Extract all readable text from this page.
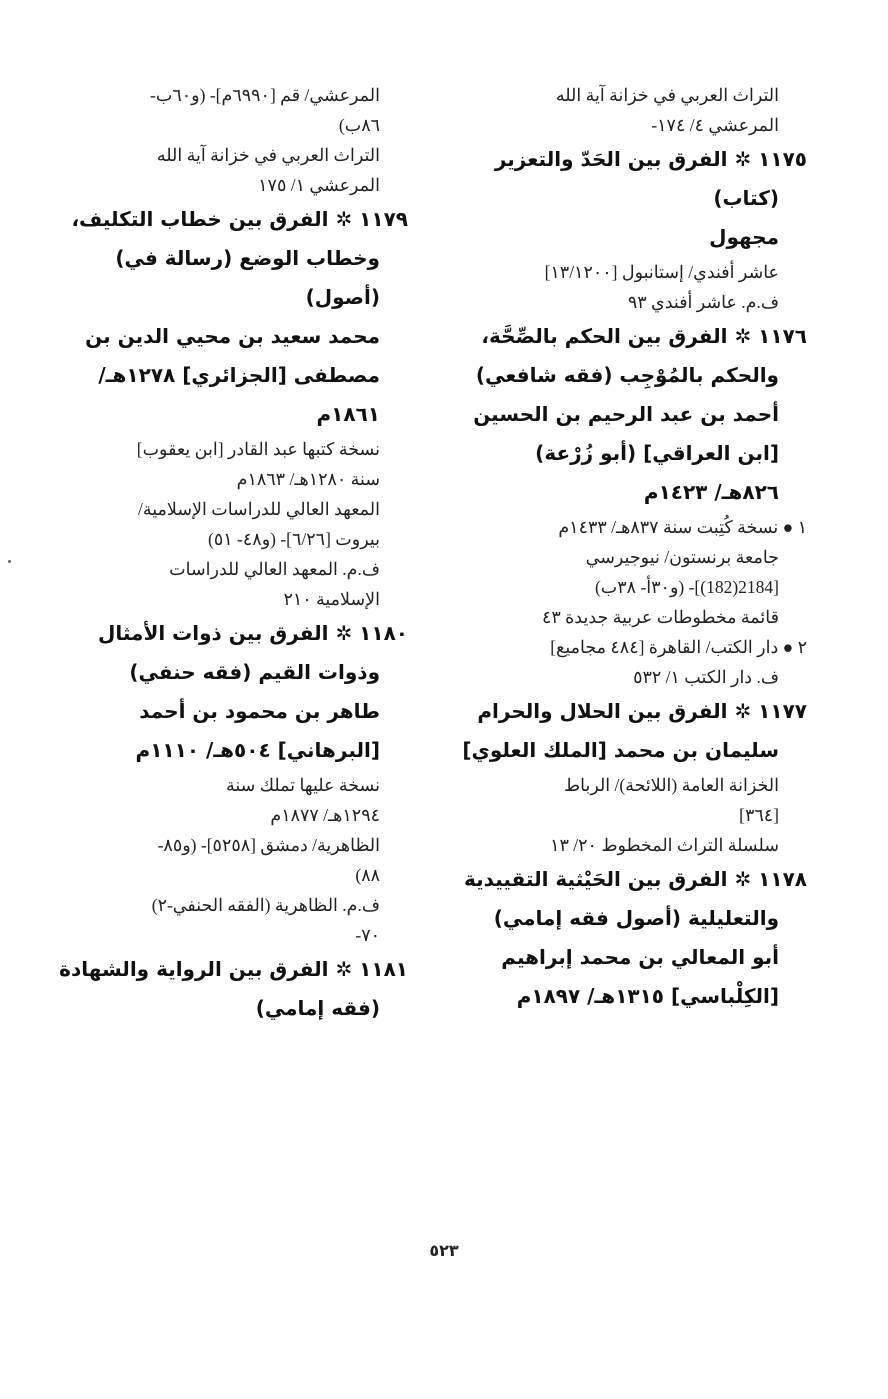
التراث العربي في خزانة آية الله
المرعشي ٤/ ١٧٤-
١١٧٥ ✲ الفرق بين الحَدّ والتعزير
(كتاب)
مجهول
عاشر أفندي/ إستانبول [١٣/١٢٠٠]
ف.م. عاشر أفندي ٩٣
١١٧٦ ✲ الفرق بين الحكم بالصِّحَّة،
والحكم بالمُوْجِب (فقه شافعي)
أحمد بن عبد الرحيم بن الحسين
[ابن العراقي] (أبو زُرْعة)
٨٢٦هـ/ ١٤٢٣م
١ ● نسخة كُتِبت سنة ٨٣٧هـ/ ١٤٣٣م
جامعة برنستون/ نيوجيرسي
[2184(182)]- (و٣٠أ- ٣٨ب)
قائمة مخطوطات عربية جديدة ٤٣
٢ ● دار الكتب/ القاهرة [٤٨٤ مجاميع]
ف. دار الكتب ١/ ٥٣٢
١١٧٧ ✲ الفرق بين الحلال والحرام
سليمان بن محمد [الملك العلوي]
الخزانة العامة (اللائحة)/ الرباط
[٣٦٤]
سلسلة التراث المخطوط ٢٠/ ١٣
١١٧٨ ✲ الفرق بين الحَيْثية التقييدية
والتعليلية (أصول فقه إمامي)
أبو المعالي بن محمد إبراهيم
[الكِلْباسي] ١٣١٥هـ/ ١٨٩٧م
المرعشي/ قم [٦٩٩٠م]- (و٦٠ب-
٨٦ب)
التراث العربي في خزانة آية الله
المرعشي ١/ ١٧٥
١١٧٩ ✲ الفرق بين خطاب التكليف،
وخطاب الوضع (رسالة في)
(أصول)
محمد سعيد بن محيي الدين بن
مصطفى [الجزائري] ١٢٧٨هـ/
١٨٦١م
نسخة كتبها عبد القادر [ابن يعقوب]
سنة ١٢٨٠هـ/ ١٨٦٣م
المعهد العالي للدراسات الإسلامية/
بيروت [٦/٢٦]- (و٤٨- ٥١)
ف.م. المعهد العالي للدراسات
الإسلامية ٢١٠
١١٨٠ ✲ الفرق بين ذوات الأمثال
وذوات القيم (فقه حنفي)
طاهر بن محمود بن أحمد
[البرهاني] ٥٠٤هـ/ ١١١٠م
نسخة عليها تملك سنة
١٢٩٤هـ/ ١٨٧٧م
الظاهرية/ دمشق [٥٢٥٨]- (و٨٥-
٨٨)
ف.م. الظاهرية (الفقه الحنفي-٢)
٧٠-
١١٨١ ✲ الفرق بين الرواية والشهادة
(فقه إمامي)
٥٢٣
